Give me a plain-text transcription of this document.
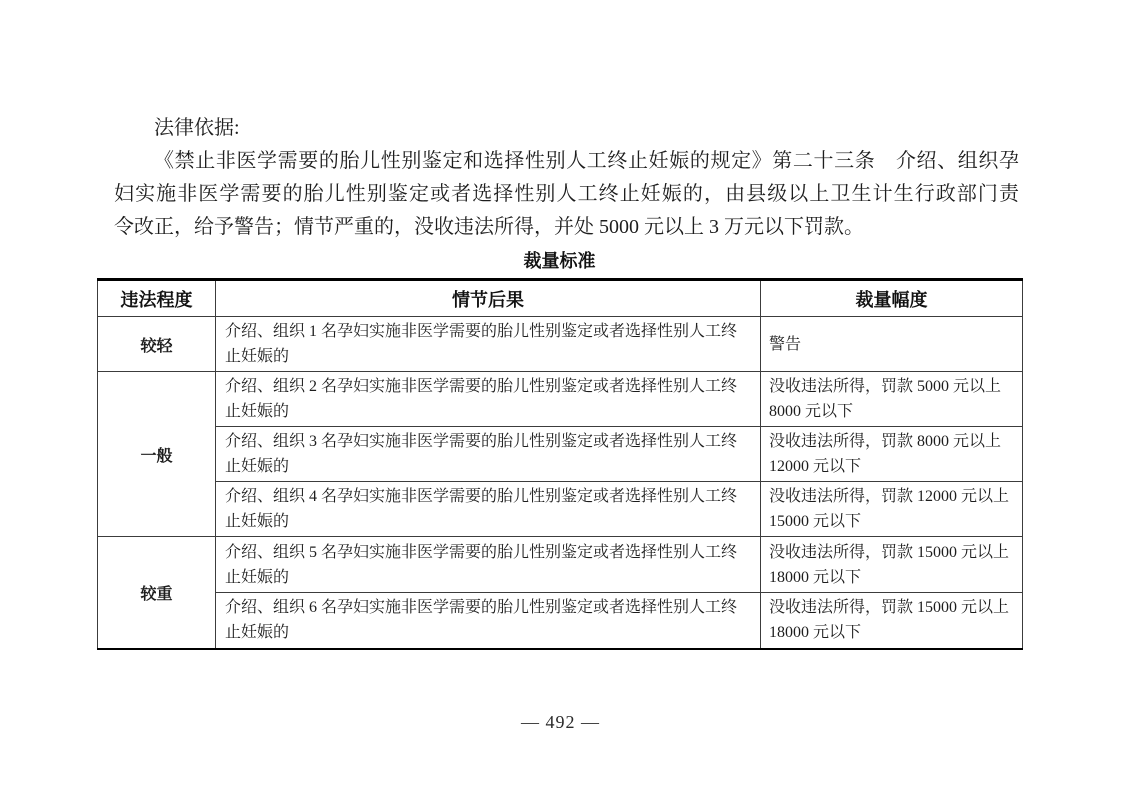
法律依据:

《禁止非医学需要的胎儿性别鉴定和选择性别人工终止妊娠的规定》第二十三条　介绍、组织孕

妇实施非医学需要的胎儿性别鉴定或者选择性别人工终止妊娠的，由县级以上卫生计生行政部门责

令改正，给予警告；情节严重的，没收违法所得，并处 5000 元以上 3 万元以下罚款。

裁量标准
违法程度	情节后果	裁量幅度
较轻	介绍、组织 1 名孕妇实施非医学需要的胎儿性别鉴定或者选择性别人工终止妊娠的	警告
一般	介绍、组织 2 名孕妇实施非医学需要的胎儿性别鉴定或者选择性别人工终止妊娠的	没收违法所得，罚款 5000 元以上 8000 元以下
	介绍、组织 3 名孕妇实施非医学需要的胎儿性别鉴定或者选择性别人工终止妊娠的	没收违法所得，罚款 8000 元以上 12000 元以下
	介绍、组织 4 名孕妇实施非医学需要的胎儿性别鉴定或者选择性别人工终止妊娠的	没收违法所得，罚款 12000 元以上 15000 元以下
较重	介绍、组织 5 名孕妇实施非医学需要的胎儿性别鉴定或者选择性别人工终止妊娠的	没收违法所得，罚款 15000 元以上 18000 元以下
	介绍、组织 6 名孕妇实施非医学需要的胎儿性别鉴定或者选择性别人工终止妊娠的	没收违法所得，罚款 15000 元以上 18000 元以下
— 492 —
